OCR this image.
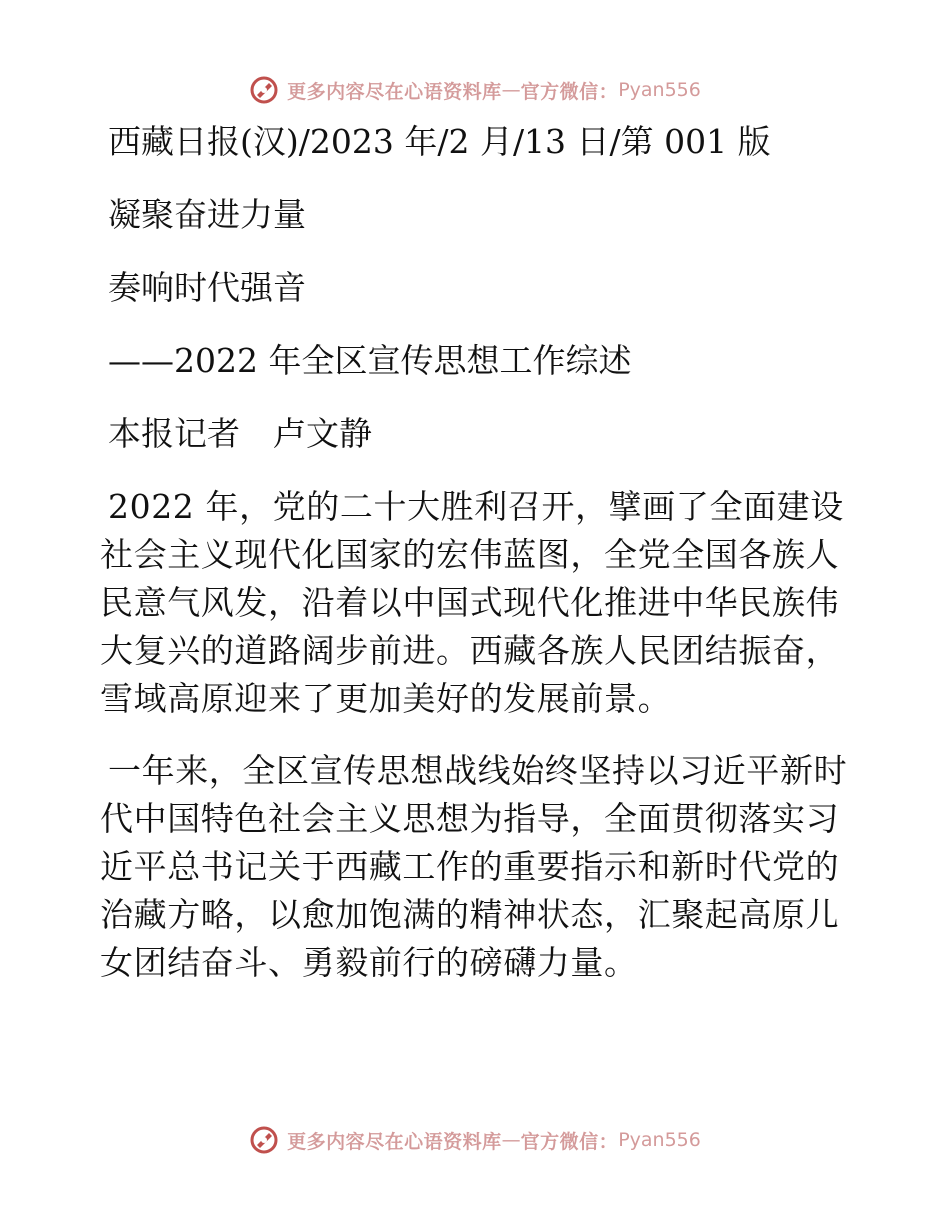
更多内容尽在心语资料库 — 官方微信： Pyan556
西藏日报(汉)/2023 年/2 月/13 日/第 001 版
凝聚奋进力量
奏响时代强音
——2022 年全区宣传思想工作综述
本报记者　卢文静

2022 年，党的二十大胜利召开，擘画了全面建设社会主义现代化国家的宏伟蓝图，全党全国各族人民意气风发，沿着以中国式现代化推进中华民族伟大复兴的道路阔步前进。西藏各族人民团结振奋，雪域高原迎来了更加美好的发展前景。

一年来，全区宣传思想战线始终坚持以习近平新时代中国特色社会主义思想为指导，全面贯彻落实习近平总书记关于西藏工作的重要指示和新时代党的治藏方略，以愈加饱满的精神状态，汇聚起高原儿女团结奋斗、勇毅前行的磅礴力量。

更多内容尽在心语资料库 — 官方微信： Pyan556
